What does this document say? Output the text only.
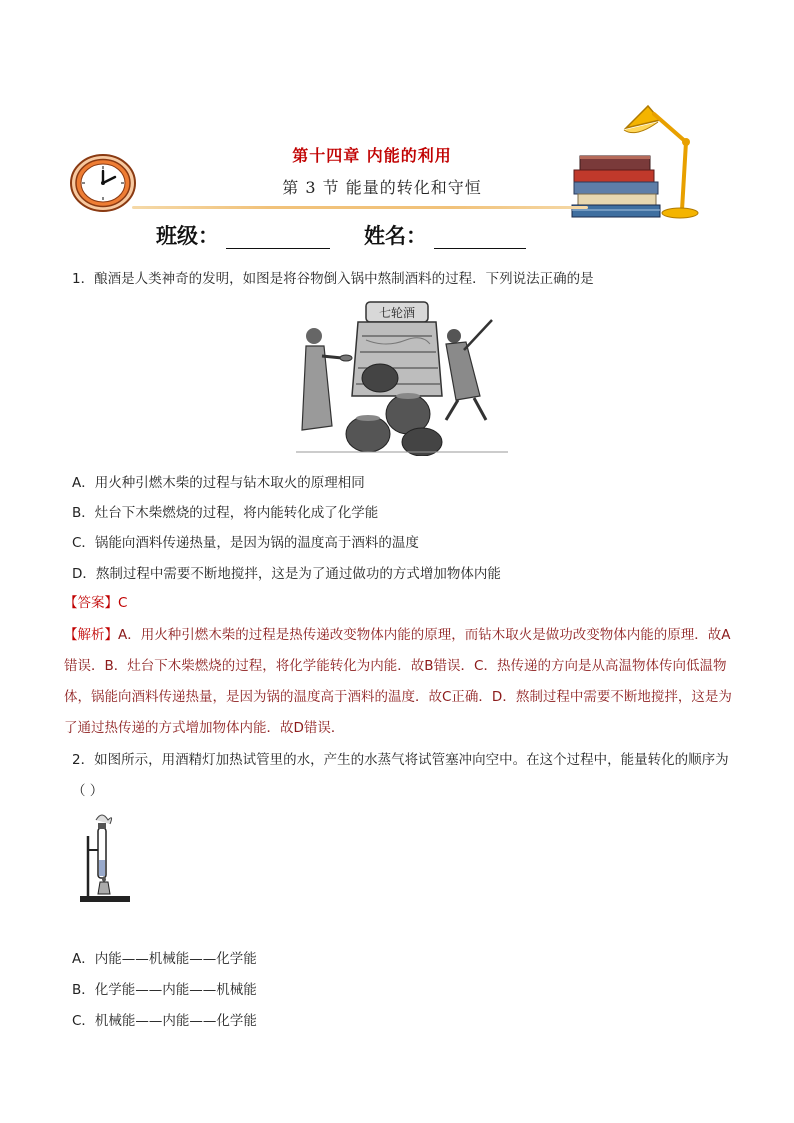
第十四章 内能的利用
第 3 节 能量的转化和守恒
班级：	姓名：
1．酿酒是人类神奇的发明，如图是将谷物倒入锅中熬制酒料的过程．下列说法正确的是
七轮酒
A．用火种引燃木柴的过程与钻木取火的原理相同
B．灶台下木柴燃烧的过程，将内能转化成了化学能
C．锅能向酒料传递热量，是因为锅的温度高于酒料的温度
D．熬制过程中需要不断地搅拌，这是为了通过做功的方式增加物体内能
【答案】C
【解析】A．用火种引燃木柴的过程是热传递改变物体内能的原理，而钻木取火是做功改变物体内能的原理．故A错误．B．灶台下木柴燃烧的过程，将化学能转化为内能．故B错误．C．热传递的方向是从高温物体传向低温物体，锅能向酒料传递热量，是因为锅的温度高于酒料的温度．故C正确．D．熬制过程中需要不断地搅拌，这是为了通过热传递的方式增加物体内能．故D错误．
2．如图所示，用酒精灯加热试管里的水，产生的水蒸气将试管塞冲向空中。在这个过程中，能量转化的顺序为（ ）
A．内能——机械能——化学能
B．化学能——内能——机械能
C．机械能——内能——化学能
